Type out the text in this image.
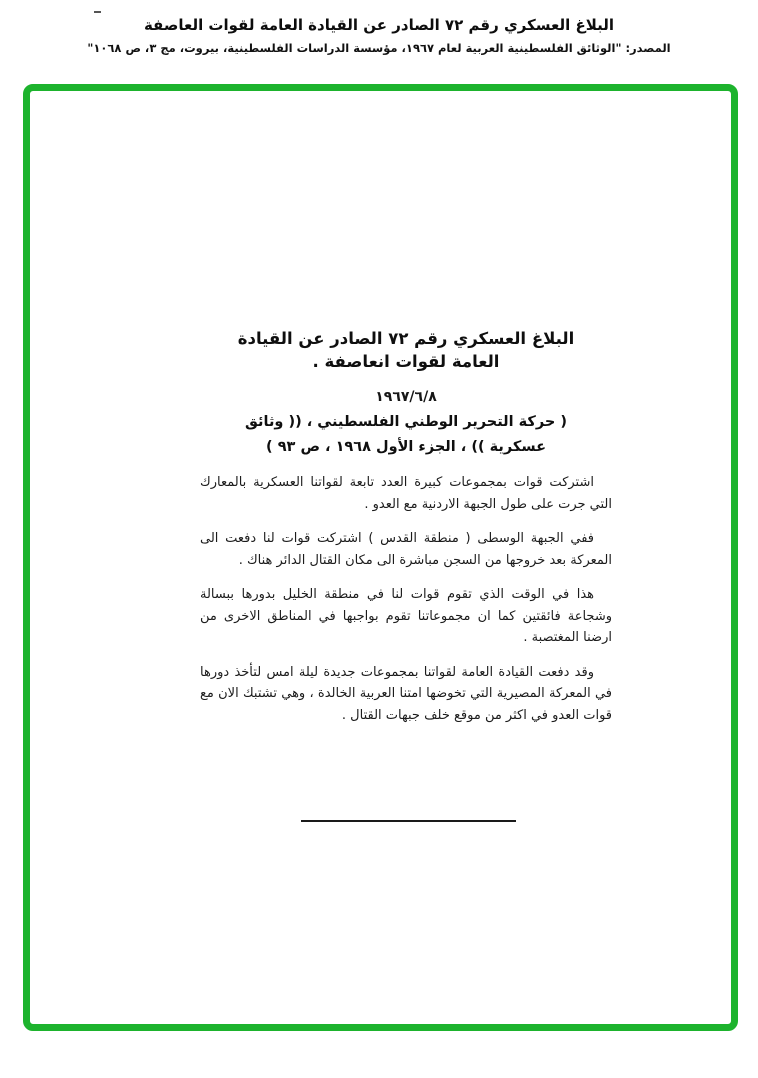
البلاغ العسكري رقم ٧٢ الصادر عن القيادة العامة لقوات العاصفة
المصدر: "الوثائق الفلسطينية العربية لعام ١٩٦٧، مؤسسة الدراسات الفلسطينية، بيروت، مج ٣، ص ١٠٦٨"
البلاغ العسكري رقم ٧٢ الصادر عن القيادة
العامة لقوات انعاصفة .
١٩٦٧/٦/٨
( حركة التحرير الوطني الفلسطيني ، (( وثائق
عسكرية )) ، الجزء الأول ١٩٦٨ ، ص ٩٣ )

اشتركت قوات بمجموعات كبيرة العدد تابعة لقواتنا العسكرية بالمعارك التي جرت على طول الجبهة الاردنية مع العدو .

ففي الجبهة الوسطى ( منطقة القدس ) اشتركت قوات لنا دفعت الى المعركة بعد خروجها من السجن مباشرة الى مكان القتال الدائر هناك .

هذا في الوقت الذي تقوم قوات لنا في منطقة الخليل بدورها ببسالة وشجاعة فائقتين كما ان مجموعاتنا تقوم بواجبها في المناطق الاخرى من ارضنا المغتصبة .

وقد دفعت القيادة العامة لقواتنا بمجموعات جديدة ليلة امس لتأخذ دورها في المعركة المصيرية التي تخوضها امتنا العربية الخالدة ، وهي تشتبك الان مع قوات العدو في اكثر من موقع خلف جبهات القتال .
